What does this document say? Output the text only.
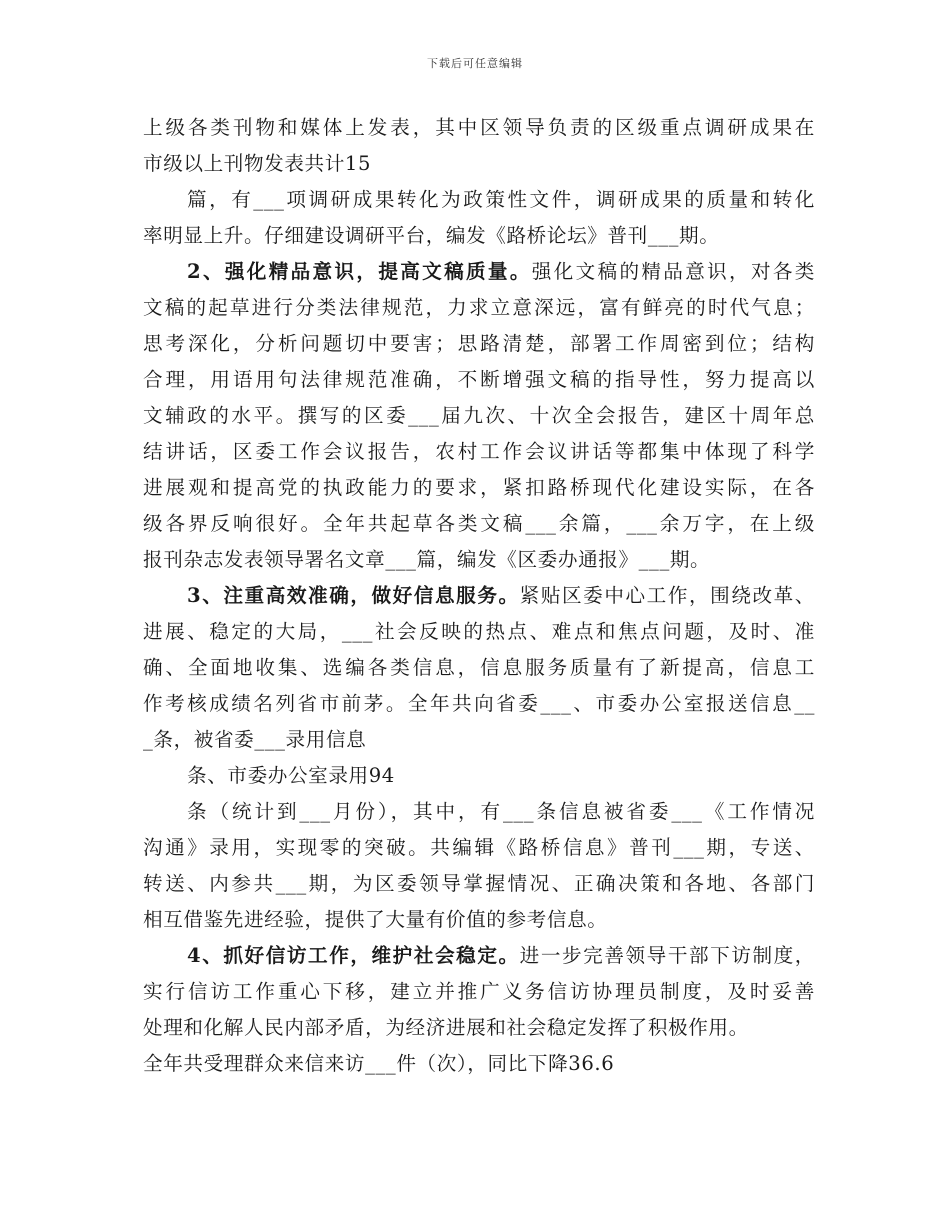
下载后可任意编辑
上级各类刊物和媒体上发表，其中区领导负责的区级重点调研成果在
市级以上刊物发表共计15
篇，有___项调研成果转化为政策性文件，调研成果的质量和转化
率明显上升。仔细建设调研平台，编发《路桥论坛》普刊___期。
2、强化精品意识，提高文稿质量。强化文稿的精品意识，对各类
文稿的起草进行分类法律规范，力求立意深远，富有鲜亮的时代气息；
思考深化，分析问题切中要害；思路清楚，部署工作周密到位；结构
合理，用语用句法律规范准确，不断增强文稿的指导性，努力提高以
文辅政的水平。撰写的区委___届九次、十次全会报告，建区十周年总
结讲话，区委工作会议报告，农村工作会议讲话等都集中体现了科学
进展观和提高党的执政能力的要求，紧扣路桥现代化建设实际，在各
级各界反响很好。全年共起草各类文稿___余篇，___余万字，在上级
报刊杂志发表领导署名文章___篇，编发《区委办通报》___期。
3、注重高效准确，做好信息服务。紧贴区委中心工作，围绕改革、
进展、稳定的大局，___社会反映的热点、难点和焦点问题，及时、准
确、全面地收集、选编各类信息，信息服务质量有了新提高，信息工
作考核成绩名列省市前茅。全年共向省委___、市委办公室报送信息__
_条，被省委___录用信息
条、市委办公室录用94
条（统计到___月份），其中，有___条信息被省委___《工作情况
沟通》录用，实现零的突破。共编辑《路桥信息》普刊___期，专送、
转送、内参共___期，为区委领导掌握情况、正确决策和各地、各部门
相互借鉴先进经验，提供了大量有价值的参考信息。
4、抓好信访工作，维护社会稳定。进一步完善领导干部下访制度，
实行信访工作重心下移，建立并推广义务信访协理员制度，及时妥善
处理和化解人民内部矛盾，为经济进展和社会稳定发挥了积极作用。
全年共受理群众来信来访___件（次），同比下降36.6
